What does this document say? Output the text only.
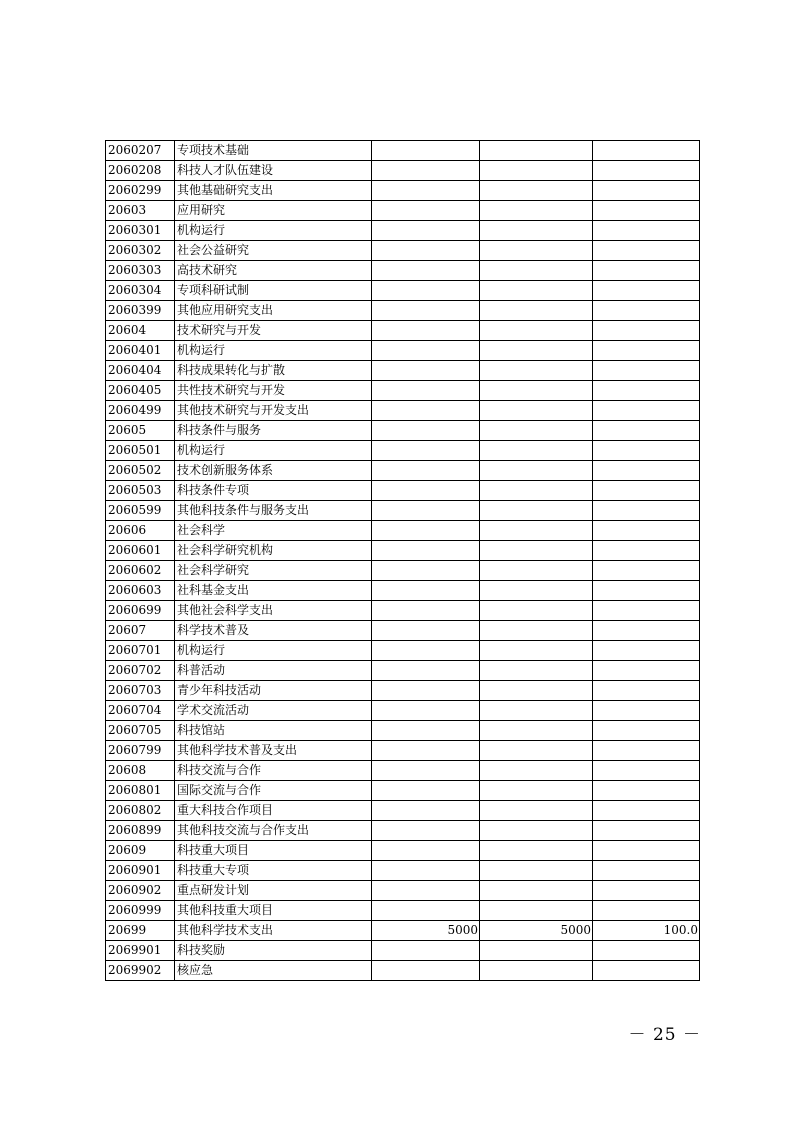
2060207	专项技术基础			
2060208	科技人才队伍建设			
2060299	其他基础研究支出			
20603	应用研究			
2060301	机构运行			
2060302	社会公益研究			
2060303	高技术研究			
2060304	专项科研试制			
2060399	其他应用研究支出			
20604	技术研究与开发			
2060401	机构运行			
2060404	科技成果转化与扩散			
2060405	共性技术研究与开发			
2060499	其他技术研究与开发支出			
20605	科技条件与服务			
2060501	机构运行			
2060502	技术创新服务体系			
2060503	科技条件专项			
2060599	其他科技条件与服务支出			
20606	社会科学			
2060601	社会科学研究机构			
2060602	社会科学研究			
2060603	社科基金支出			
2060699	其他社会科学支出			
20607	科学技术普及			
2060701	机构运行			
2060702	科普活动			
2060703	青少年科技活动			
2060704	学术交流活动			
2060705	科技馆站			
2060799	其他科学技术普及支出			
20608	科技交流与合作			
2060801	国际交流与合作			
2060802	重大科技合作项目			
2060899	其他科技交流与合作支出			
20609	科技重大项目			
2060901	科技重大专项			
2060902	重点研发计划			
2060999	其他科技重大项目			
20699	其他科学技术支出	5000	5000	100.0
2069901	科技奖励			
2069902	核应急			
－ 25 －
